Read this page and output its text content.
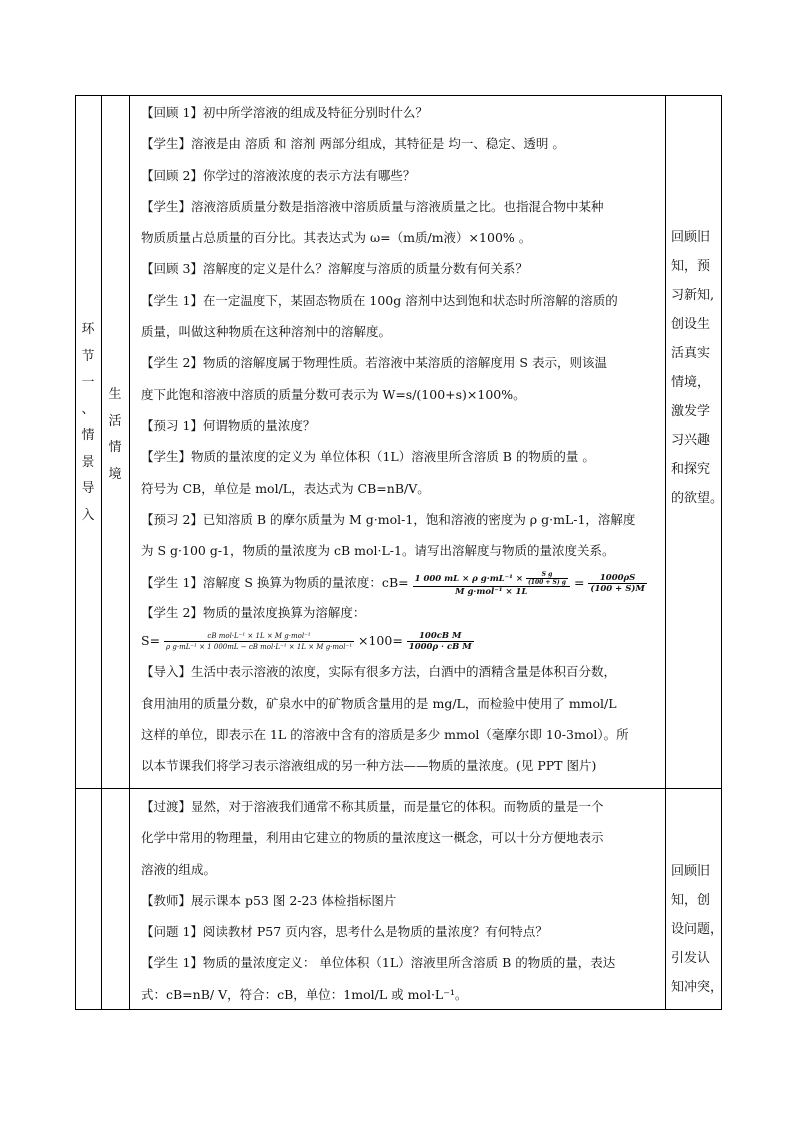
环
节
一
、
情
景
导
入
生
活
情
境

【回顾 1】初中所学溶液的组成及特征分别时什么？

【学生】溶液是由 溶质 和 溶剂 两部分组成，其特征是 均一、稳定、透明 。

【回顾 2】你学过的溶液浓度的表示方法有哪些？

【学生】溶液溶质质量分数是指溶液中溶质质量与溶液质量之比。也指混合物中某种

物质质量占总质量的百分比。其表达式为 ω=（m质/m液）×100% 。

【回顾 3】溶解度的定义是什么？溶解度与溶质的质量分数有何关系？

【学生 1】在一定温度下，某固态物质在 100g 溶剂中达到饱和状态时所溶解的溶质的

质量，叫做这种物质在这种溶剂中的溶解度。

【学生 2】物质的溶解度属于物理性质。若溶液中某溶质的溶解度用 S 表示，则该温

度下此饱和溶液中溶质的质量分数可表示为 W=s/(100+s)×100%。

【预习 1】何谓物质的量浓度？

【学生】物质的量浓度的定义为 单位体积（1L）溶液里所含溶质 B 的物质的量 。

符号为 CB，单位是 mol/L，表达式为 CB=nB/V。

【预习 2】已知溶质 B 的摩尔质量为 M g·mol-1，饱和溶液的密度为 ρ g·mL-1，溶解度

为 S g·100 g-1，物质的量浓度为 cB mol·L-1。请写出溶解度与物质的量浓度关系。

【学生 1】溶解度 S 换算为物质的量浓度：cB= 1 000 mL × ρ $g\cdot mL^{-1} \times \frac{\text{S g}}{(100 + S) g}$
M g·mol⁻¹ × 1L
= $\frac{1000\rho S}{(100 + S)M}$

【学生 2】物质的量浓度换算为溶解度：

$S= \frac{\text{cB mol·L⁻¹ × 1L × M g·mol⁻¹}}{\text{ρ g·mL⁻¹ × 1 000mL − cB mol·L⁻¹ × 1L × M g·mol⁻¹}} \times 100= \frac{\text{100cB M}}{\text{1000ρ · cB M}}$

【导入】生活中表示溶液的浓度，实际有很多方法，白酒中的酒精含量是体积百分数，

食用油用的质量分数，矿泉水中的矿物质含量用的是 mg/L，而检验中使用了 mmol/L

这样的单位，即表示在 1L 的溶液中含有的溶质是多少 mmol（毫摩尔即 10-3mol）。所

以本节课我们将学习表示溶液组成的另一种方法——物质的量浓度。(见 PPT 图片)

回顾旧
知，预
习新知,
创设生
活真实
情境，
激发学
习兴趣
和探究
的欲望。

【过渡】显然，对于溶液我们通常不称其质量，而是量它的体积。而物质的量是一个

化学中常用的物理量，利用由它建立的物质的量浓度这一概念，可以十分方便地表示

溶液的组成。

【教师】展示课本 p53 图 2-23 体检指标图片

【问题 1】阅读教材 P57 页内容，思考什么是物质的量浓度？有何特点？

【学生 1】物质的量浓度定义： 单位体积（1L）溶液里所含溶质 B 的物质的量，表达

式：cB=nB/ V，符合：cB，单位：1mol/L 或 mol·L⁻¹。

回顾旧
知，创
设问题，
引发认
知冲突，
